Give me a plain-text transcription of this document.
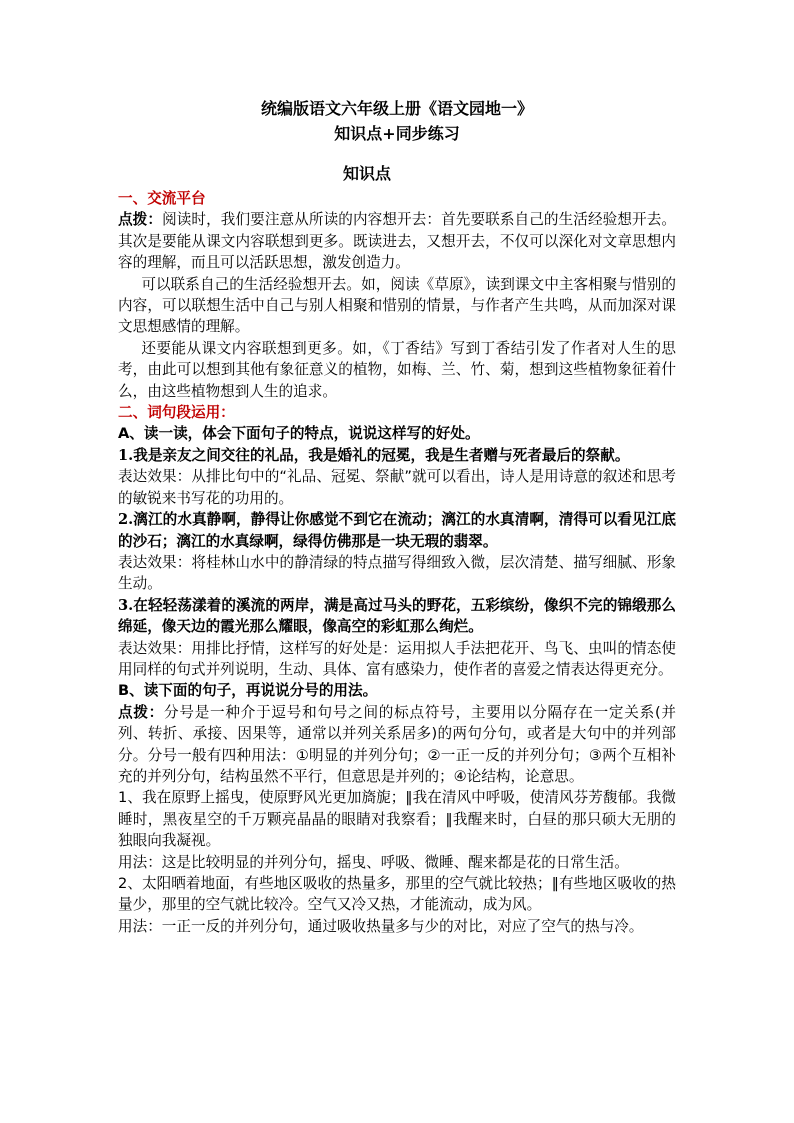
统编版语文六年级上册《语文园地一》
知识点+同步练习
知识点

一、交流平台

点拨：阅读时，我们要注意从所读的内容想开去：首先要联系自己的生活经验想开去。其次是要能从课文内容联想到更多。既读进去，又想开去，不仅可以深化对文章思想内容的理解，而且可以活跃思想，激发创造力。

可以联系自己的生活经验想开去。如，阅读《草原》，读到课文中主客相聚与惜别的内容，可以联想生活中自己与别人相聚和惜别的情景，与作者产生共鸣，从而加深对课文思想感情的理解。

还要能从课文内容联想到更多。如，《丁香结》写到丁香结引发了作者对人生的思考，由此可以想到其他有象征意义的植物，如梅、兰、竹、菊，想到这些植物象征着什么，由这些植物想到人生的追求。

二、词句段运用：

A、读一读，体会下面句子的特点，说说这样写的好处。

1.我是亲友之间交往的礼品，我是婚礼的冠冕，我是生者赠与死者最后的祭献。

表达效果：从排比句中的“礼品、冠冕、祭献”就可以看出，诗人是用诗意的叙述和思考的敏锐来书写花的功用的。

2.漓江的水真静啊，静得让你感觉不到它在流动；漓江的水真清啊，清得可以看见江底的沙石；漓江的水真绿啊，绿得仿佛那是一块无瑕的翡翠。

表达效果：将桂林山水中的静清绿的特点描写得细致入微，层次清楚、描写细腻、形象生动。

3.在轻轻荡漾着的溪流的两岸，满是高过马头的野花，五彩缤纷，像织不完的锦缎那么绵延，像天边的霞光那么耀眼，像高空的彩虹那么绚烂。

表达效果：用排比抒情，这样写的好处是：运用拟人手法把花开、鸟飞、虫叫的情态使用同样的句式并列说明，生动、具体、富有感染力，使作者的喜爱之情表达得更充分。

B、读下面的句子，再说说分号的用法。

点拨：分号是一种介于逗号和句号之间的标点符号，主要用以分隔存在一定关系(并列、转折、承接、因果等，通常以并列关系居多)的两句分句，或者是大句中的并列部分。分号一般有四种用法：①明显的并列分句；②一正一反的并列分句；③两个互相补充的并列分句，结构虽然不平行，但意思是并列的；④论结构，论意思。

1、我在原野上摇曳，使原野风光更加旖旎；‖我在清风中呼吸，使清风芬芳馥郁。我微睡时，黑夜星空的千万颗亮晶晶的眼睛对我察看；‖我醒来时，白昼的那只硕大无朋的独眼向我凝视。

用法：这是比较明显的并列分句，摇曳、呼吸、微睡、醒来都是花的日常生活。

2、太阳晒着地面，有些地区吸收的热量多，那里的空气就比较热；‖有些地区吸收的热量少，那里的空气就比较冷。空气又冷又热，才能流动，成为风。

用法：一正一反的并列分句，通过吸收热量多与少的对比，对应了空气的热与冷。
